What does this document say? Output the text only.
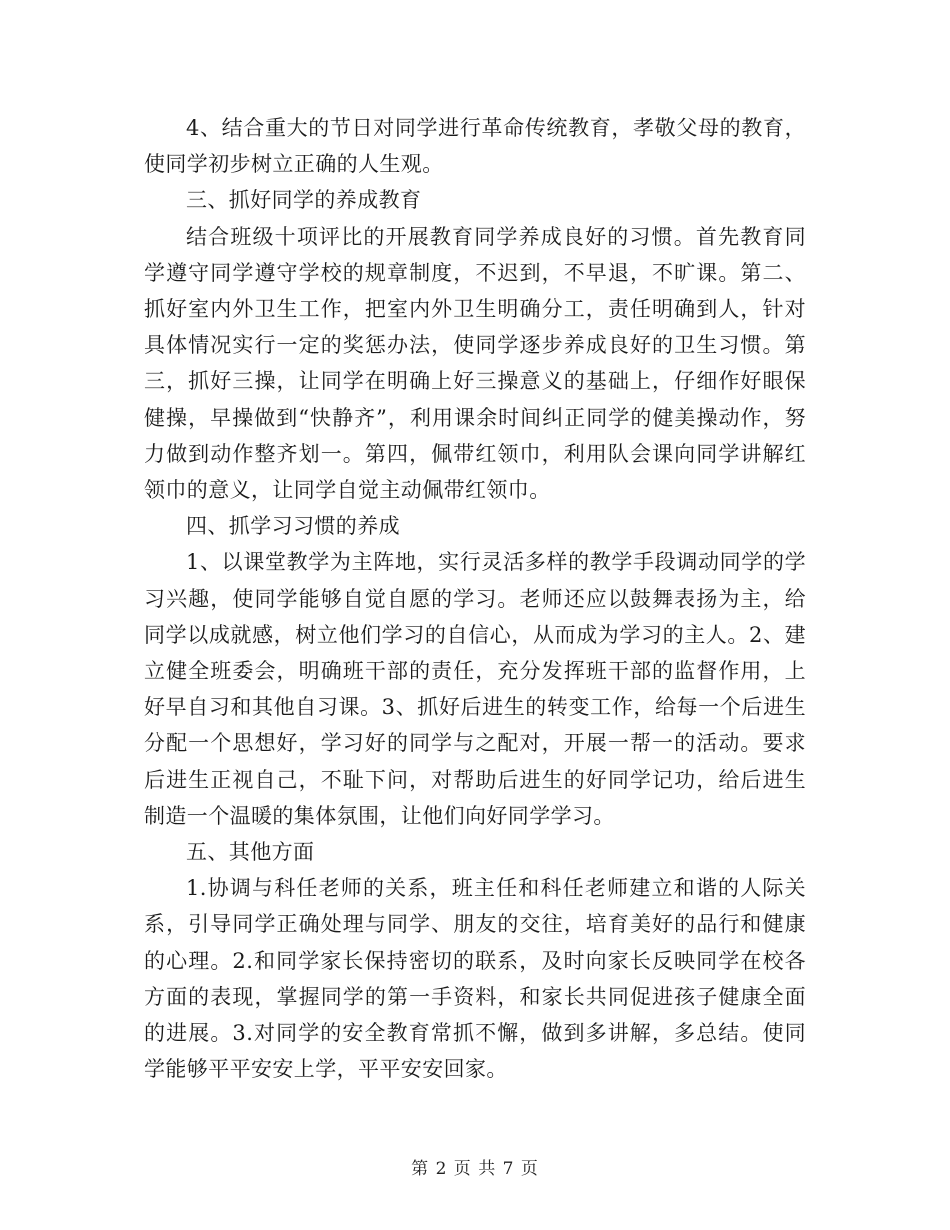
4、结合重大的节日对同学进行革命传统教育，孝敬父母的教育，使同学初步树立正确的人生观。

三、抓好同学的养成教育

结合班级十项评比的开展教育同学养成良好的习惯。首先教育同学遵守同学遵守学校的规章制度，不迟到，不早退，不旷课。第二、抓好室内外卫生工作，把室内外卫生明确分工，责任明确到人，针对具体情况实行一定的奖惩办法，使同学逐步养成良好的卫生习惯。第三，抓好三操，让同学在明确上好三操意义的基础上，仔细作好眼保健操，早操做到“快静齐”，利用课余时间纠正同学的健美操动作，努力做到动作整齐划一。第四，佩带红领巾，利用队会课向同学讲解红领巾的意义，让同学自觉主动佩带红领巾。

四、抓学习习惯的养成

1、以课堂教学为主阵地，实行灵活多样的教学手段调动同学的学习兴趣，使同学能够自觉自愿的学习。老师还应以鼓舞表扬为主，给同学以成就感，树立他们学习的自信心，从而成为学习的主人。2、建立健全班委会，明确班干部的责任，充分发挥班干部的监督作用，上好早自习和其他自习课。3、抓好后进生的转变工作，给每一个后进生分配一个思想好，学习好的同学与之配对，开展一帮一的活动。要求后进生正视自己，不耻下问，对帮助后进生的好同学记功，给后进生制造一个温暖的集体氛围，让他们向好同学学习。

五、其他方面

1.协调与科任老师的关系，班主任和科任老师建立和谐的人际关系，引导同学正确处理与同学、朋友的交往，培育美好的品行和健康的心理。2.和同学家长保持密切的联系，及时向家长反映同学在校各方面的表现，掌握同学的第一手资料，和家长共同促进孩子健康全面的进展。3.对同学的安全教育常抓不懈，做到多讲解，多总结。使同学能够平平安安上学，平平安安回家。

第 2 页 共 7 页
